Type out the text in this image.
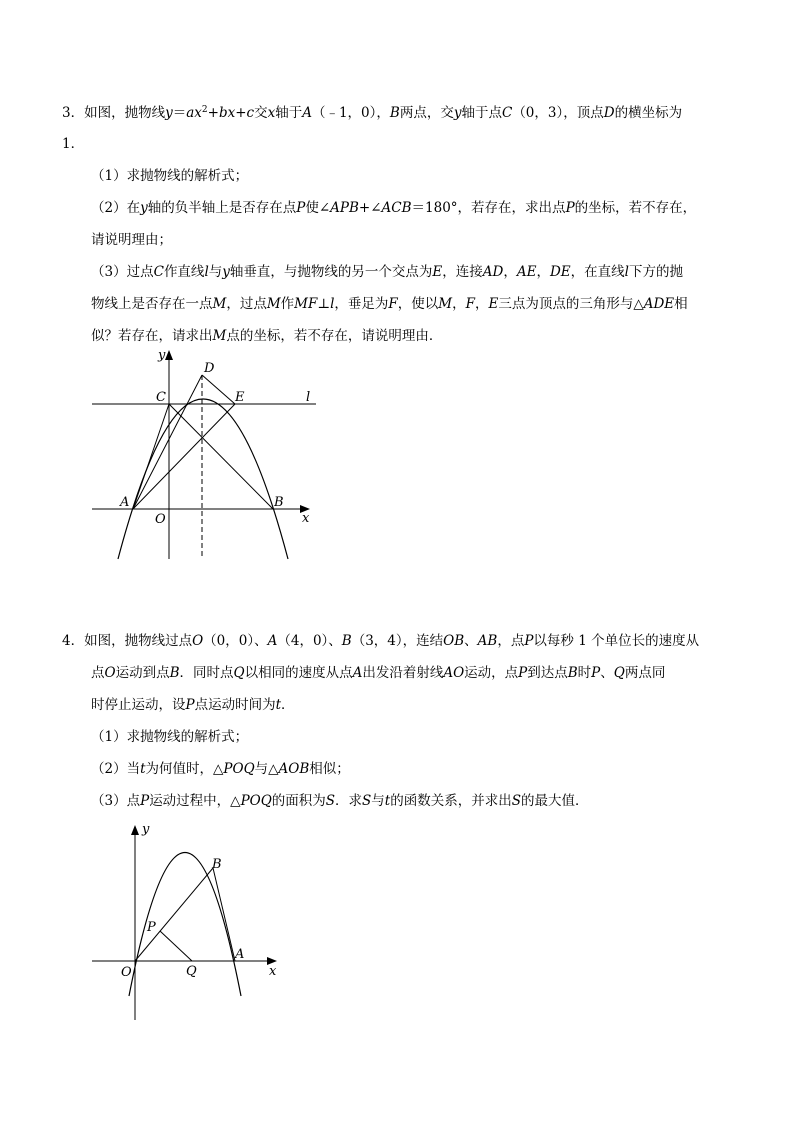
3．如图，抛物线$y=ax^2+bx+c$交x轴于A（﹣1，0），B两点，交y轴于点C（0，3），顶点D的横坐标为
1．
（1）求抛物线的解析式；
（2）在y轴的负半轴上是否存在点P使∠APB+∠ACB＝180°，若存在，求出点P的坐标，若不存在，
请说明理由；
（3）过点C作直线l与y轴垂直，与抛物线的另一个交点为E，连接AD，AE，DE，在直线l下方的抛
物线上是否存在一点M，过点M作MF⊥l，垂足为F，使以M，F，E三点为顶点的三角形与△ADE相
似？若存在，请求出M点的坐标，若不存在，请说明理由．
y
D
C	E	l
A	B
O	x
4．如图，抛物线过点O（0，0）、A（4，0）、B（3，4），连结OB、AB，点P以每秒 1 个单位长的速度从
点O运动到点B．同时点Q以相同的速度从点A出发沿着射线AO运动，点P到达点B时P、Q两点同
时停止运动，设P点运动时间为t．
（1）求抛物线的解析式；
（2）当t为何值时，△POQ与△AOB相似；
（3）点P运动过程中，△POQ的面积为S．求S与t的函数关系，并求出S的最大值．
y
B
P
A
O	Q	x
